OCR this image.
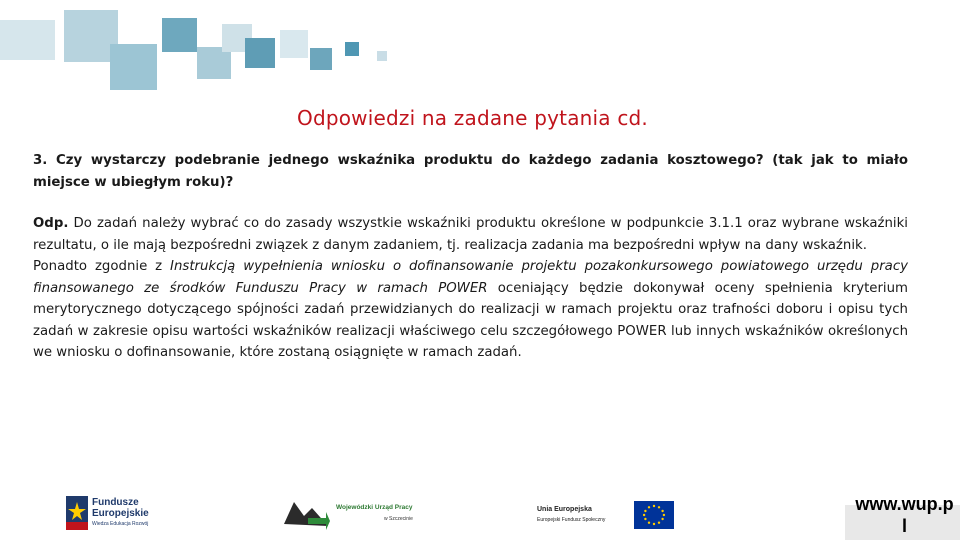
Odpowiedzi na zadane pytania cd.
3. Czy wystarczy podebranie jednego wskaźnika produktu do każdego zadania kosztowego? (tak jak to miało miejsce w ubiegłym roku)?

Odp. Do zadań należy wybrać co do zasady wszystkie wskaźniki produktu określone w podpunkcie 3.1.1 oraz wybrane wskaźniki rezultatu, o ile mają bezpośredni związek z danym zadaniem, tj. realizacja zadania ma bezpośredni wpływ na dany wskaźnik.

Ponadto zgodnie z Instrukcją wypełnienia wniosku o dofinansowanie projektu pozakonkursowego powiatowego urzędu pracy finansowanego ze środków Funduszu Pracy w ramach POWER oceniający będzie dokonywał oceny spełnienia kryterium merytorycznego dotyczącego spójności zadań przewidzianych do realizacji w ramach projektu oraz trafności doboru i opisu tych zadań w zakresie opisu wartości wskaźników realizacji właściwego celu szczegółowego POWER lub innych wskaźników określonych we wniosku o dofinansowanie, które zostaną osiągnięte w ramach zadań.

Fundusze
Europejskie
Wiedza Edukacja Rozwój
Wojewódzki Urząd Pracy
w Szczecinie
Unia Europejska
Europejski Fundusz Społeczny
www.wup.p l
